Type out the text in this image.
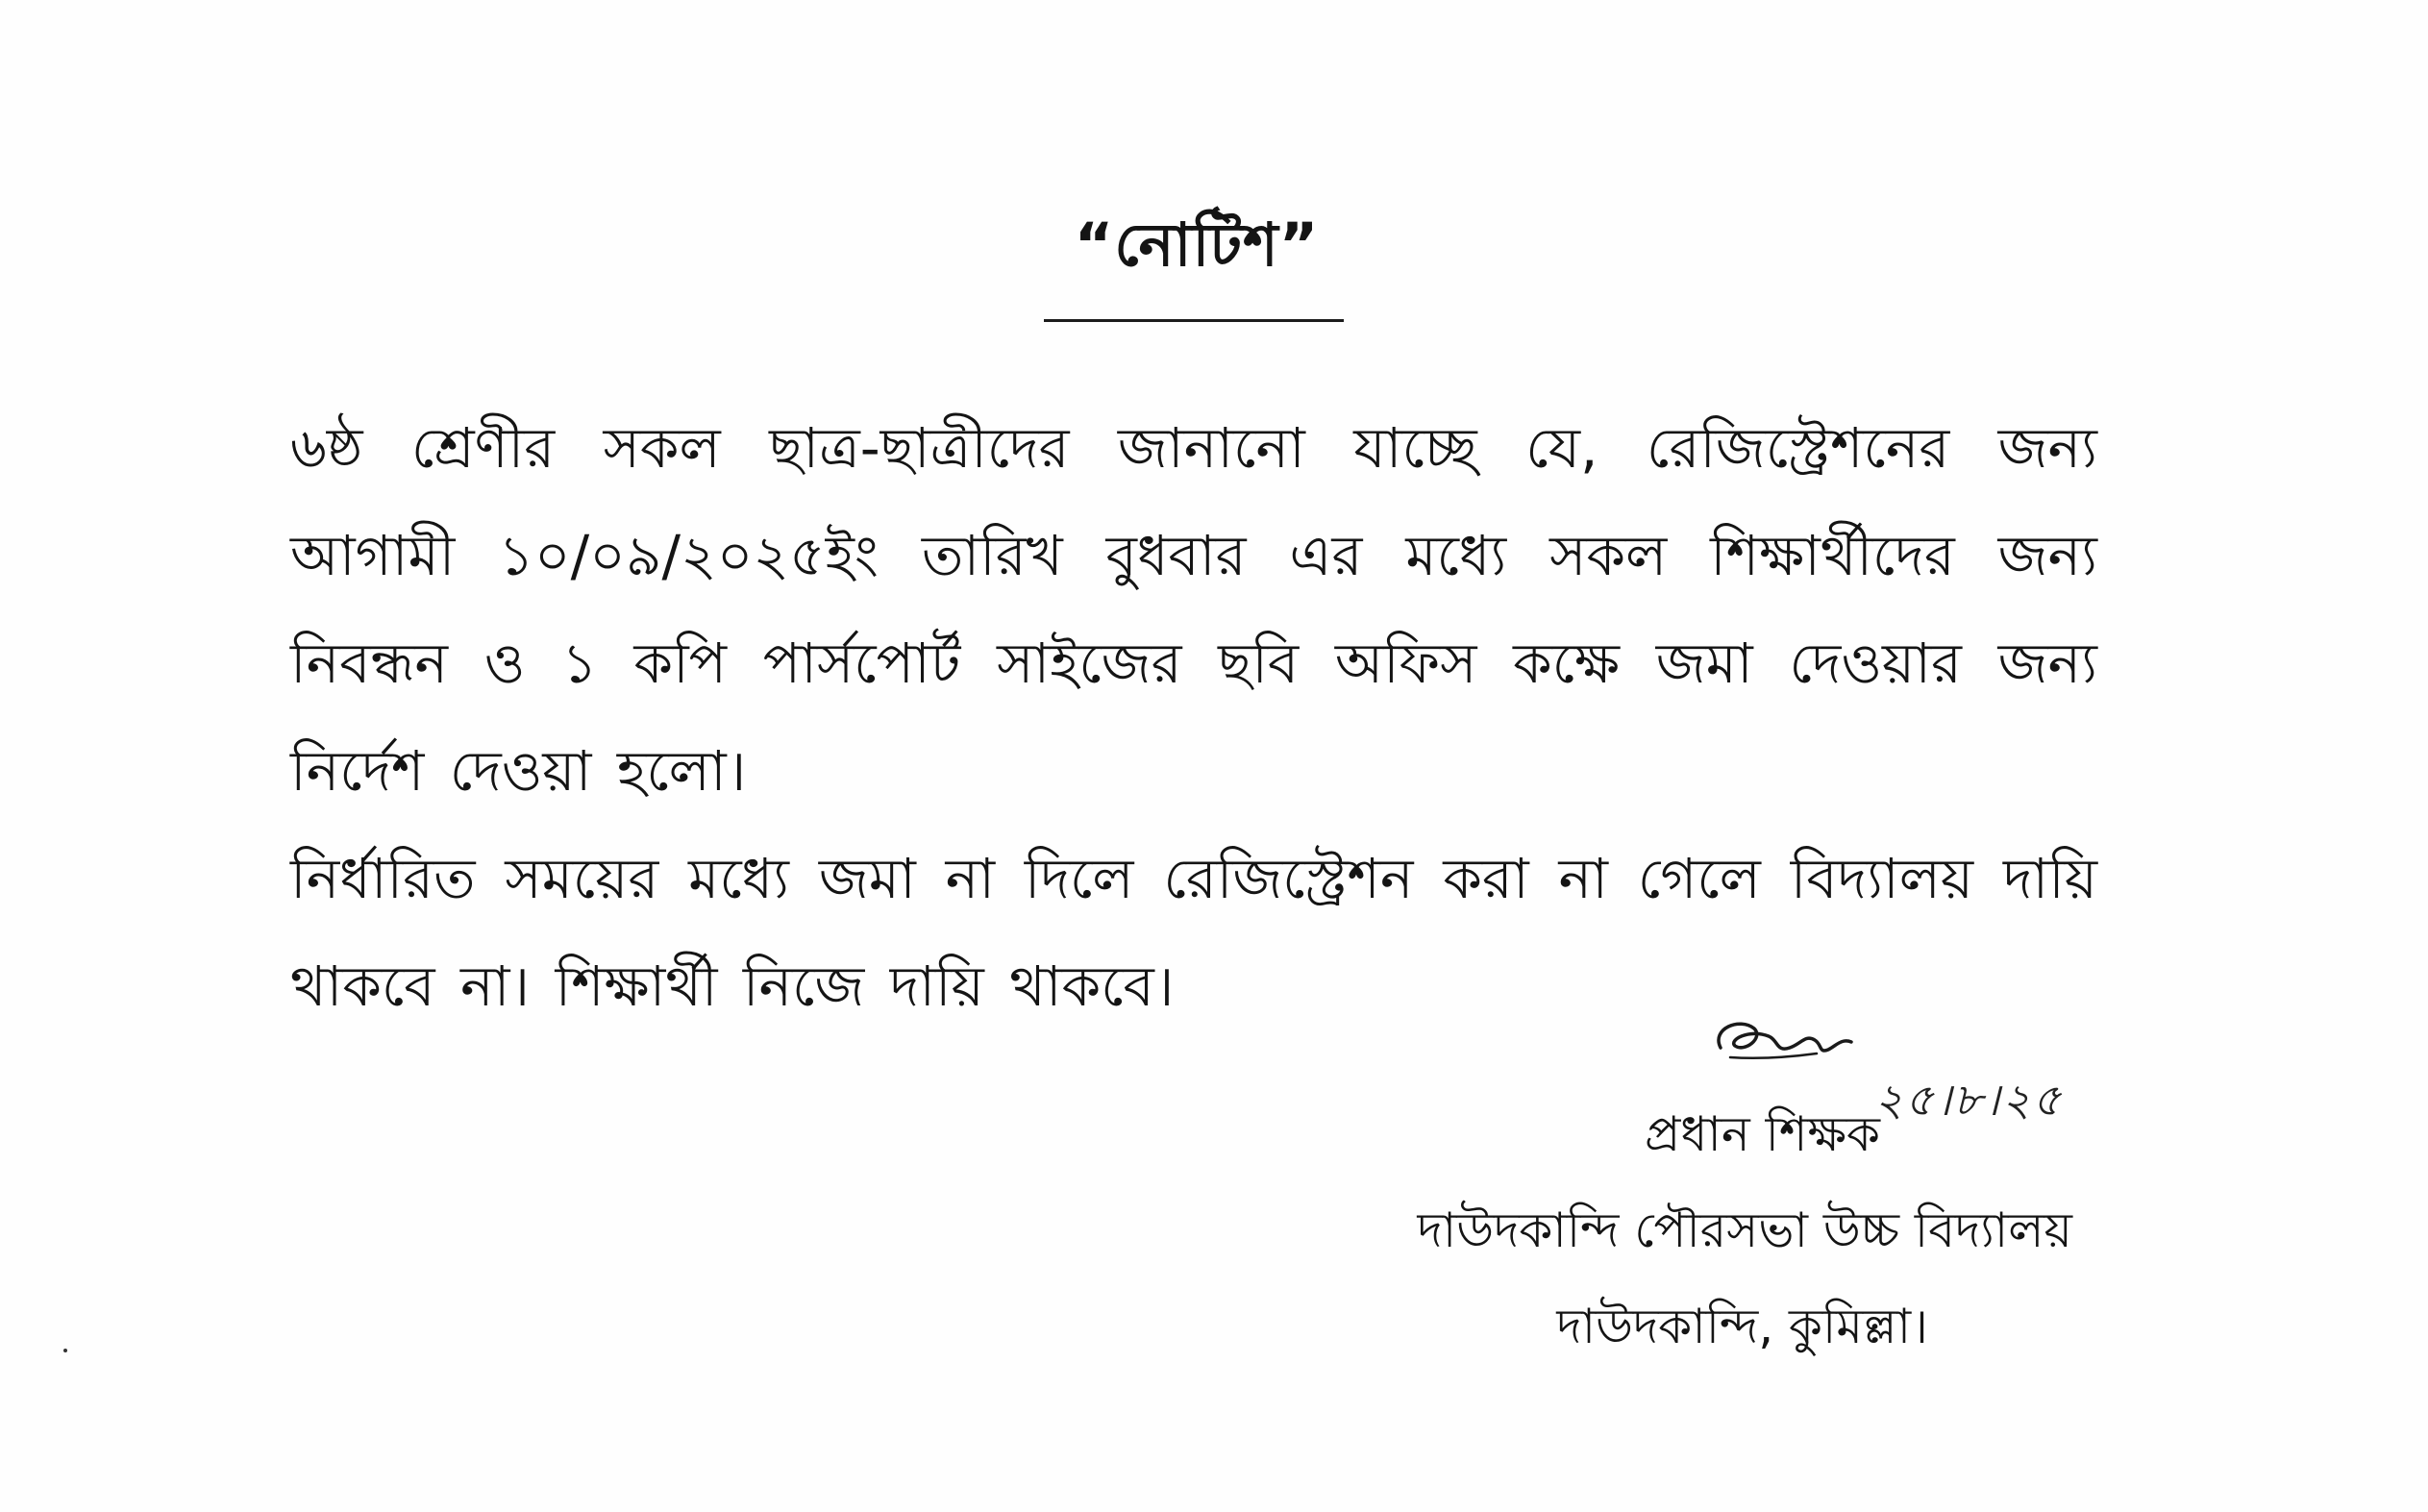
“নোটিশ”

৬ষ্ঠ শ্রেণীর সকল ছাত্র-ছাত্রীদের জানানো যাচ্ছে যে, রেজিস্ট্রেশনের জন্য আগামী ১০/০৯/২০২৫ইং তারিখ বুধবার এর মধ্যে সকল শিক্ষার্থীদের জন্য নিবন্ধন ও ১ কপি পার্সপোর্ট সাইজের ছবি অফিস কক্ষে জমা দেওয়ার জন্য নির্দেশ দেওয়া হলো।

নির্ধারিত সময়ের মধ্যে জমা না দিলে রেজিস্ট্রেশন করা না গেলে বিদ্যালয় দায়ি থাকবে না। শিক্ষার্থী নিজে দায়ি থাকবে।

২৫।৮।২৫
প্রধান শিক্ষক
দাউদকান্দি পৌরসভা উচ্চ বিদ্যালয়
দাউদকান্দি, কুমিল্লা।
